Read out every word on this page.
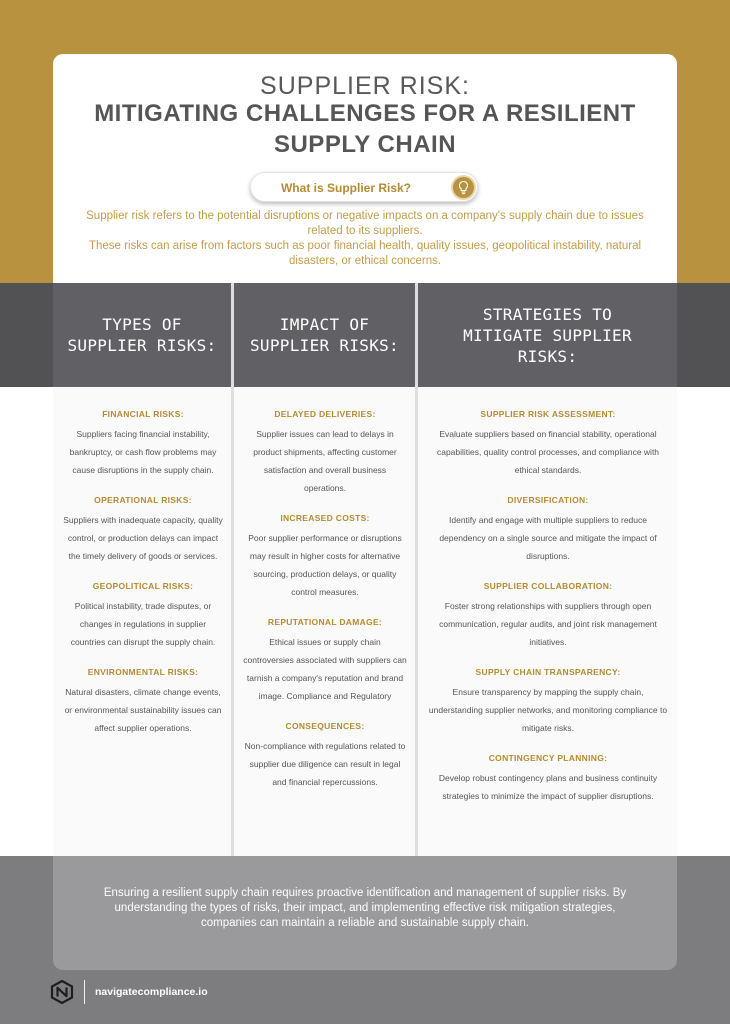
SUPPLIER RISK:
MITIGATING CHALLENGES FOR A RESILIENT SUPPLY CHAIN
What is Supplier Risk?

Supplier risk refers to the potential disruptions or negative impacts on a company's supply chain due to issues related to its suppliers.

These risks can arise from factors such as poor financial health, quality issues, geopolitical instability, natural disasters, or ethical concerns.

TYPES OF
SUPPLIER RISKS:
IMPACT OF
SUPPLIER RISKS:
STRATEGIES TO
MITIGATE SUPPLIER
RISKS:
FINANCIAL RISKS:

Suppliers facing financial instability, bankruptcy, or cash flow problems may cause disruptions in the supply chain.

OPERATIONAL RISKS:

Suppliers with inadequate capacity, quality control, or production delays can impact the timely delivery of goods or services.

GEOPOLITICAL RISKS:

Political instability, trade disputes, or changes in regulations in supplier countries can disrupt the supply chain.

ENVIRONMENTAL RISKS:

Natural disasters, climate change events, or environmental sustainability issues can affect supplier operations.

DELAYED DELIVERIES:

Supplier issues can lead to delays in product shipments, affecting customer satisfaction and overall business operations.

INCREASED COSTS:

Poor supplier performance or disruptions may result in higher costs for alternative sourcing, production delays, or quality control measures.

REPUTATIONAL DAMAGE:

Ethical issues or supply chain controversies associated with suppliers can tarnish a company's reputation and brand image. Compliance and Regulatory

CONSEQUENCES:

Non-compliance with regulations related to supplier due diligence can result in legal and financial repercussions.

SUPPLIER RISK ASSESSMENT:

Evaluate suppliers based on financial stability, operational capabilities, quality control processes, and compliance with ethical standards.

DIVERSIFICATION:

Identify and engage with multiple suppliers to reduce dependency on a single source and mitigate the impact of disruptions.

SUPPLIER COLLABORATION:

Foster strong relationships with suppliers through open communication, regular audits, and joint risk management initiatives.

SUPPLY CHAIN TRANSPARENCY:

Ensure transparency by mapping the supply chain, understanding supplier networks, and monitoring compliance to mitigate risks.

CONTINGENCY PLANNING:

Develop robust contingency plans and business continuity strategies to minimize the impact of supplier disruptions.

Ensuring a resilient supply chain requires proactive identification and management of supplier risks. By understanding the types of risks, their impact, and implementing effective risk mitigation strategies, companies can maintain a reliable and sustainable supply chain.

navigatecompliance.io
